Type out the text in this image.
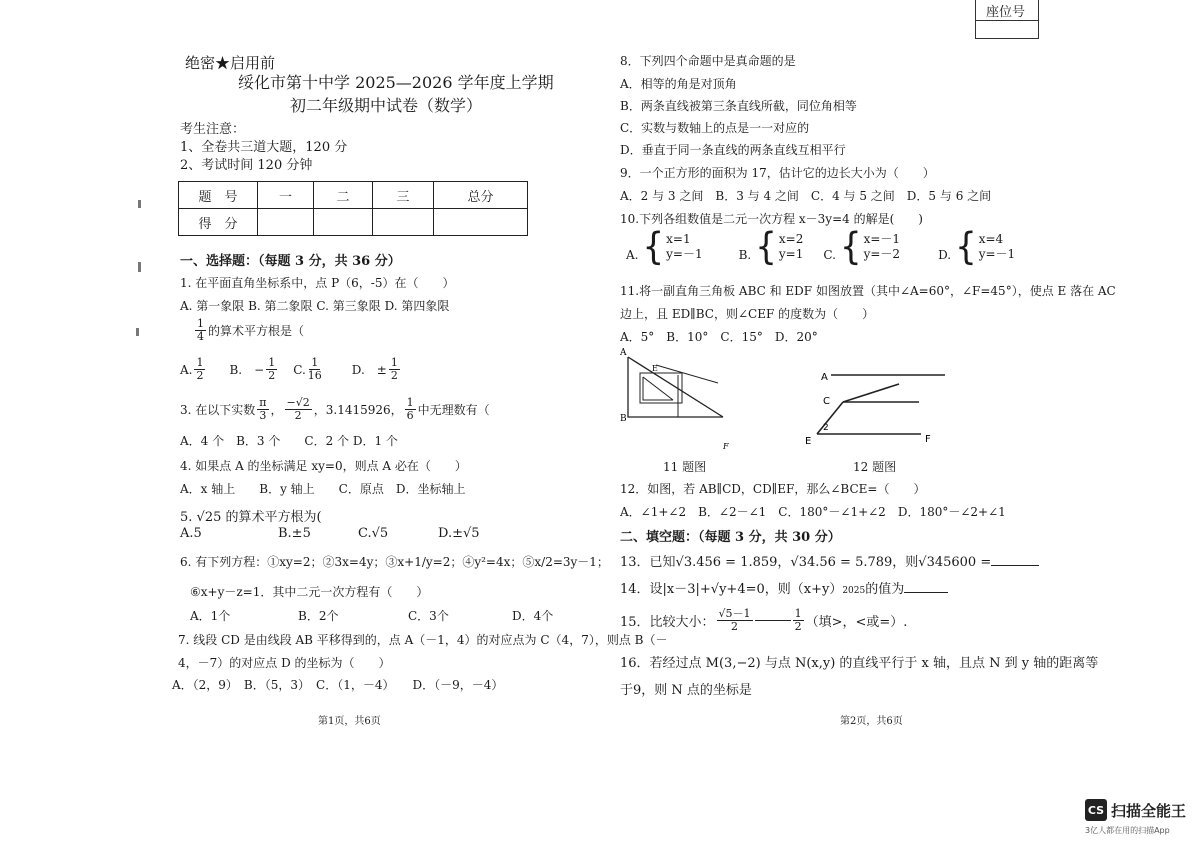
座位号
绝密★启用前
绥化市第十中学 2025—2026 学年度上学期
初二年级期中试卷（数学）
考生注意：
1、全卷共三道大题，120 分
2、考试时间 120 分钟
题　号	一	二	三	总分
得　分				
一、选择题：（每题 3 分，共 36 分）
1. 在平面直角坐标系中，点 P（6，-5）在（　　）
A. 第一象限 B. 第二象限 C. 第三象限 D. 第四象限
$\frac{1}{4}$ 的算术平方根是（
A. $\frac{1}{2} B$.　− $\frac{1}{2} C$. $\frac{1}{16}$	D.　± $\frac{1}{2}$
3. 在以下实数 $\frac{\pi}{3}$ ， $\frac{-√2}{2}$ ，3.1415926， $\frac{1}{6}$ 中无理数有（
A．4 个　B．3 个　　C．2 个 D．1 个
4. 如果点 A 的坐标满足 xy=0，则点 A 必在（　　）
A．x 轴上　　B．y 轴上　　C．原点　D．坐标轴上
5. √25 的算术平方根为(
A.5	B.±5	C.√5	D.±√5
6. 有下列方程：①xy=2；②3x=4y；③x+1/y=2；④y²=4x；⑤x/2=3y－1；
⑥x+y－z=1．其中二元一次方程有（　　）
A．1个	B．2个	C．3个	D．4个
7. 线段 CD 是由线段 AB 平移得到的，点 A（－1，4）的对应点为 C（4，7），则点 B（－
4，－7）的对应点 D 的坐标为（　　）
A．（2，9）　B．（5，3）　C．（1，－4）　　D．（－9，－4）
第1页，共6页
8．下列四个命题中是真命题的是
A．相等的角是对顶角
B．两条直线被第三条直线所截，同位角相等
C．实数与数轴上的点是一一对应的
D．垂直于同一条直线的两条直线互相平行
9．一个正方形的面积为 17，估计它的边长大小为（　　）
A．2 与 3 之间　B．3 与 4 之间　C．4 与 5 之间　D．5 与 6 之间
10.下列各组数值是二元一次方程 x－3y=4 的解是(　　)
A. { x=1
y=－1	B. { x=2
y=1 C. { x=－1
y=－2	D. { x=4
y=－1
11.将一副直角三角板 ABC 和 EDF 如图放置（其中∠A=60°，∠F=45°），使点 E 落在 AC
边上，且 ED∥BC，则∠CEF 的度数为（　　）
A．5°　B．10°　C．15°　D．20°
A
B
E
F
11 题图
A
C
E	F
2
12 题图
12．如图，若 AB∥CD，CD∥EF，那么∠BCE=（　　）
A．∠1+∠2　B．∠2－∠1　C．180°－∠1+∠2　D．180°－∠2+∠1
二、填空题：（每题 3 分，共 30 分）
13．已知√3.456 = 1.859，√34.56 = 5.789，则√345600 =
14．设|x－3|+√y+4=0，则$(x+y)_{2025}$ 的值为
15．比较大小： $\frac{√5-1}{2}$	$\frac{1}{2}$ （填>，<或=）.
16．若经过点 M(3,−2) 与点 N(x,y) 的直线平行于 x 轴，且点 N 到 y 轴的距离等
于9，则 N 点的坐标是
第2页，共6页
CS 扫描全能王
3亿人都在用的扫描App
